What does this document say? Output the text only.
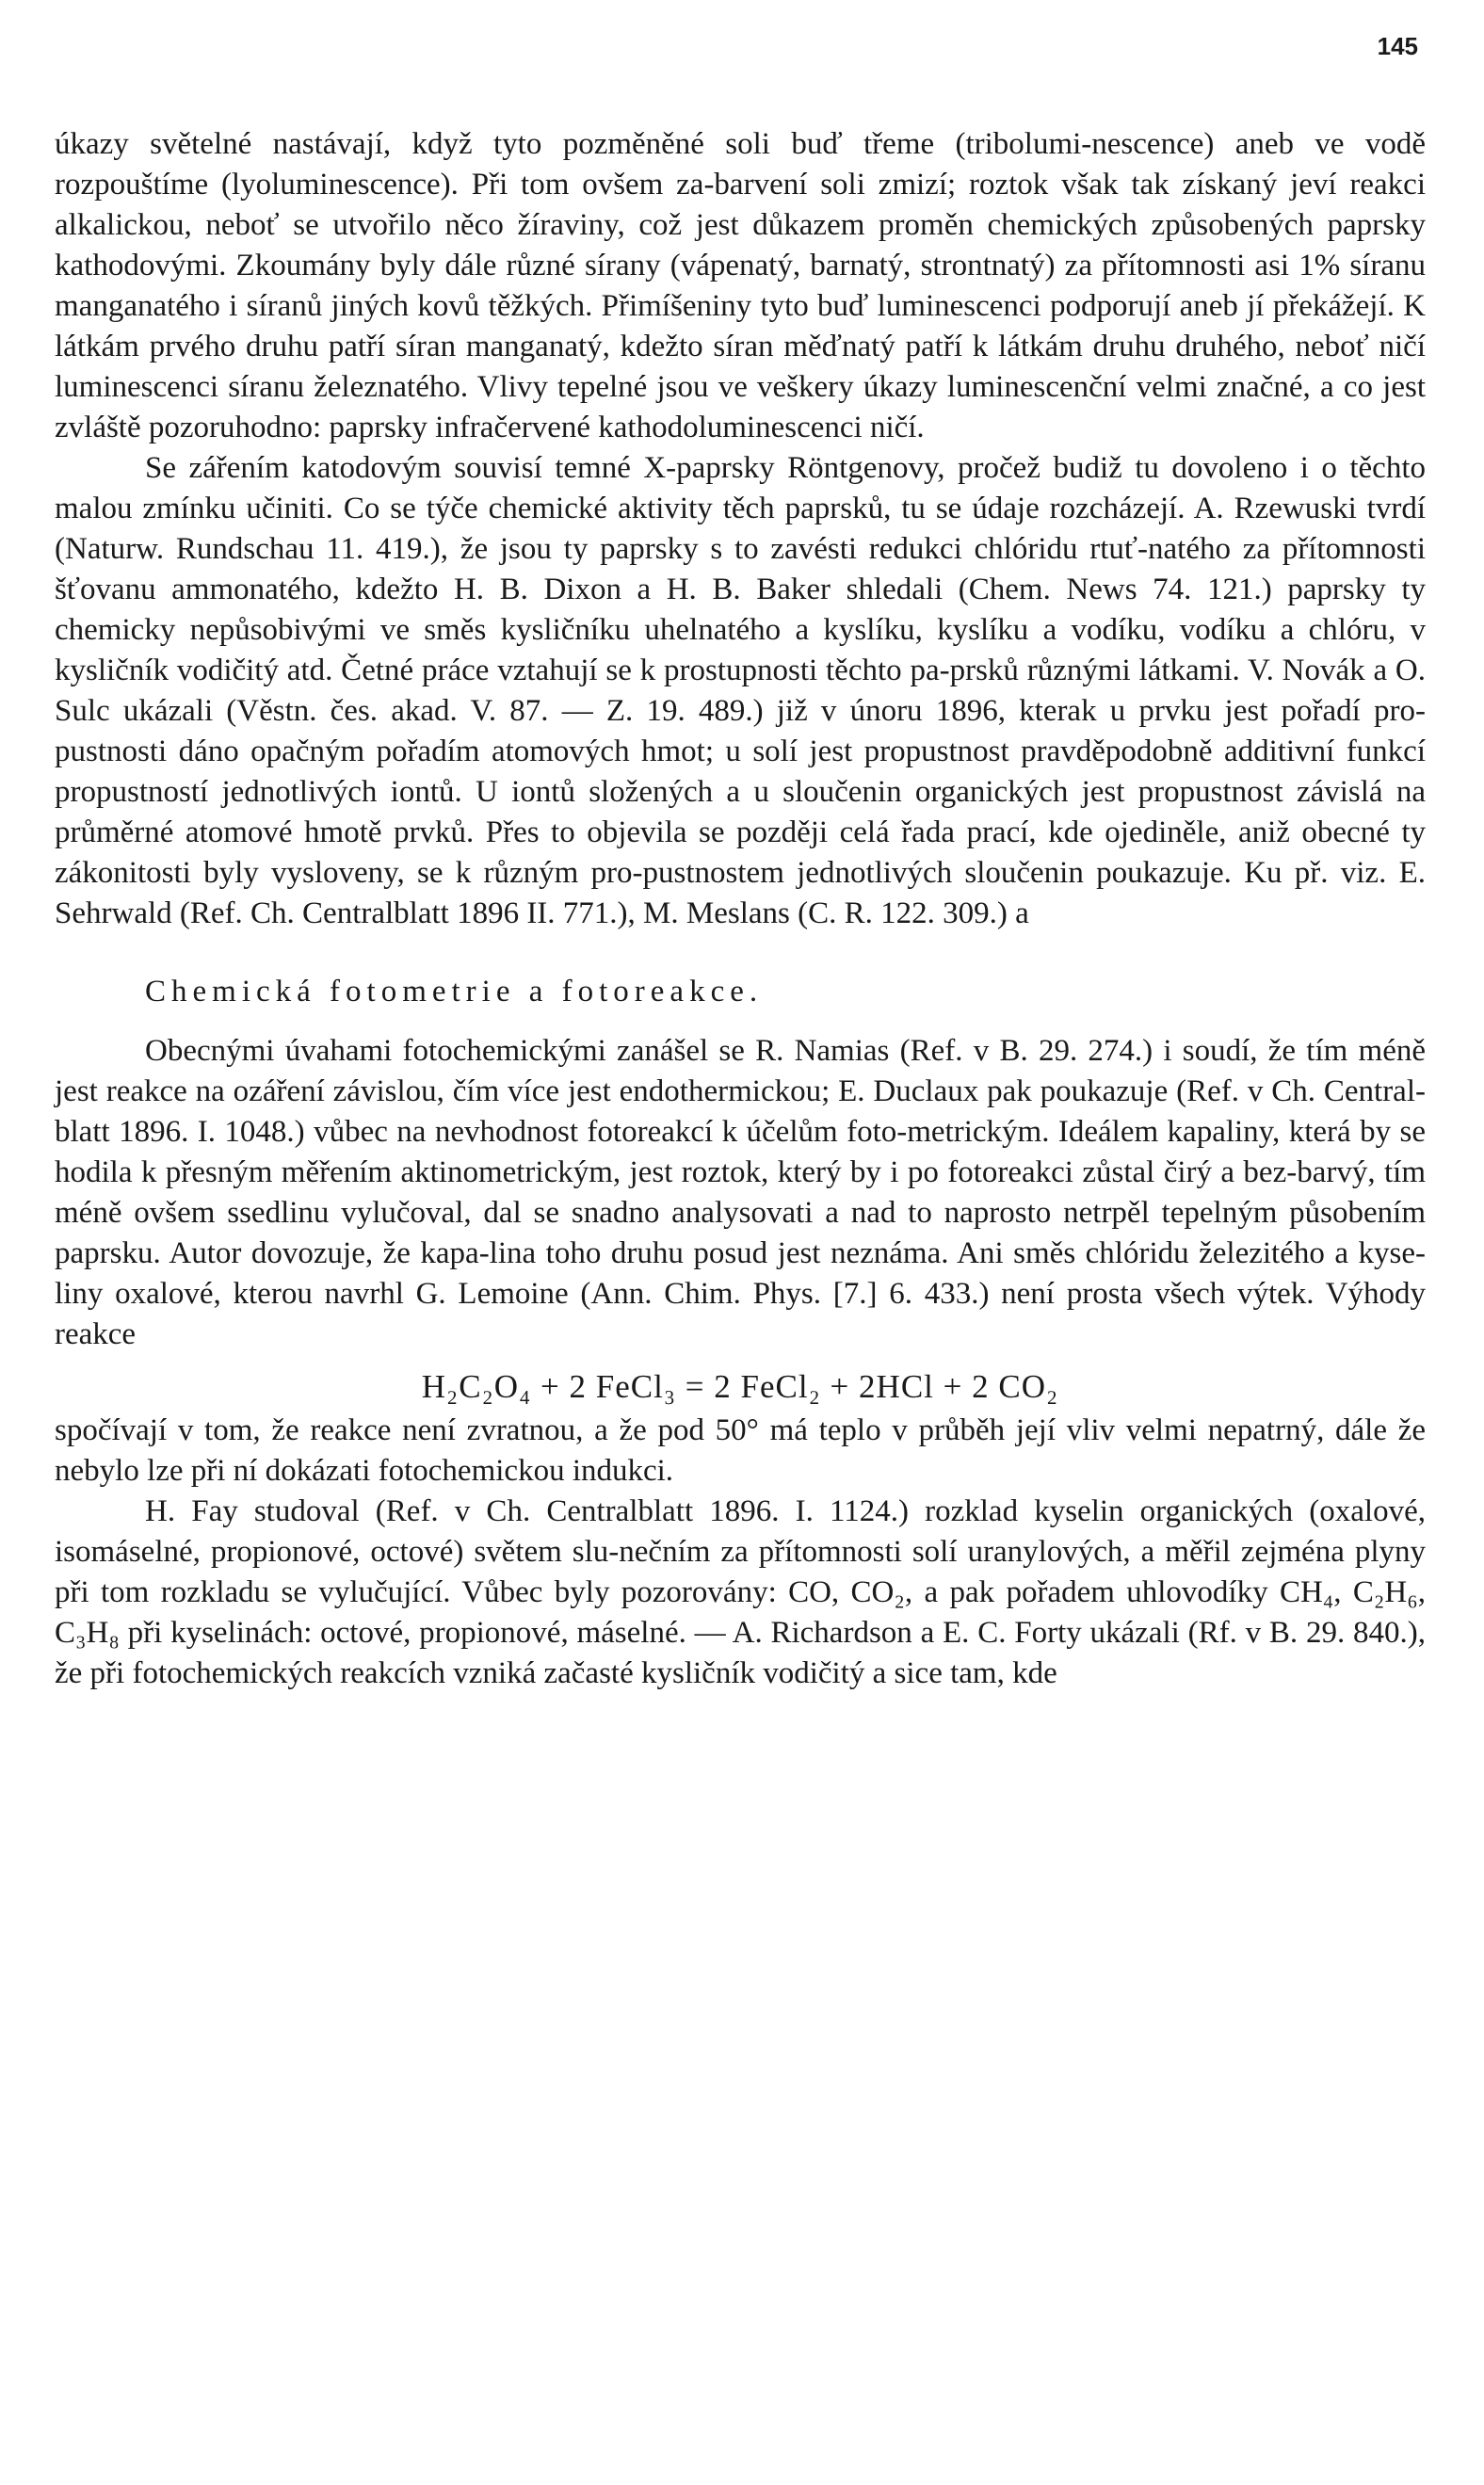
145

úkazy světelné nastávají, když tyto pozměněné soli buď třeme (tribolumi-nescence) aneb ve vodě rozpouštíme (lyoluminescence). Při tom ovšem za-barvení soli zmizí; roztok však tak získaný jeví reakci alkalickou, neboť se utvořilo něco žíraviny, což jest důkazem proměn chemických způsobených paprsky kathodovými. Zkoumány byly dále různé sírany (vápenatý, barnatý, strontnatý) za přítomnosti asi 1% síranu manganatého i síranů jiných kovů těžkých. Přimíšeniny tyto buď luminescenci podporují aneb jí překážejí. K látkám prvého druhu patří síran manganatý, kdežto síran měďnatý patří k látkám druhu druhého, neboť ničí luminescenci síranu železnatého. Vlivy tepelné jsou ve veškery úkazy luminescenční velmi značné, a co jest zvláště pozoruhodno: paprsky infračervené kathodoluminescenci ničí.

Se zářením katodovým souvisí temné X-paprsky Röntgenovy, pročež budiž tu dovoleno i o těchto malou zmínku učiniti. Co se týče chemické aktivity těch paprsků, tu se údaje rozcházejí. A. Rzewuski tvrdí (Naturw. Rundschau 11. 419.), že jsou ty paprsky s to zavésti redukci chlóridu rtuť-natého za přítomnosti šťovanu ammonatého, kdežto H. B. Dixon a H. B. Baker shledali (Chem. News 74. 121.) paprsky ty chemicky nepůsobivými ve směs kysličníku uhelnatého a kyslíku, kyslíku a vodíku, vodíku a chlóru, v kysličník vodičitý atd. Četné práce vztahují se k prostupnosti těchto pa-prsků různými látkami. V. Novák a O. Sulc ukázali (Věstn. čes. akad. V. 87. — Z. 19. 489.) již v únoru 1896, kterak u prvku jest pořadí pro-pustnosti dáno opačným pořadím atomových hmot; u solí jest propustnost pravděpodobně additivní funkcí propustností jednotlivých iontů. U iontů složených a u sloučenin organických jest propustnost závislá na průměrné atomové hmotě prvků. Přes to objevila se později celá řada prací, kde ojediněle, aniž obecné ty zákonitosti byly vysloveny, se k různým pro-pustnostem jednotlivých sloučenin poukazuje. Ku př. viz. E. Sehrwald (Ref. Ch. Centralblatt 1896 II. 771.), M. Meslans (C. R. 122. 309.) a

Chemická fotometrie a fotoreakce.

Obecnými úvahami fotochemickými zanášel se R. Namias (Ref. v B. 29. 274.) i soudí, že tím méně jest reakce na ozáření závislou, čím více jest endothermickou; E. Duclaux pak poukazuje (Ref. v Ch. Central-blatt 1896. I. 1048.) vůbec na nevhodnost fotoreakcí k účelům foto-metrickým. Ideálem kapaliny, která by se hodila k přesným měřením aktinometrickým, jest roztok, který by i po fotoreakci zůstal čirý a bez-barvý, tím méně ovšem ssedlinu vylučoval, dal se snadno analysovati a nad to naprosto netrpěl tepelným působením paprsku. Autor dovozuje, že kapa-lina toho druhu posud jest neznáma. Ani směs chlóridu železitého a kyse-liny oxalové, kterou navrhl G. Lemoine (Ann. Chim. Phys. [7.] 6. 433.) není prosta všech výtek. Výhody reakce

H₂C₂O₄ + 2 FeCl₃ = 2 FeCl₂ + 2HCl + 2 CO₂

spočívají v tom, že reakce není zvratnou, a že pod 50° má teplo v průběh její vliv velmi nepatrný, dále že nebylo lze při ní dokázati fotochemickou indukci.

H. Fay studoval (Ref. v Ch. Centralblatt 1896. I. 1124.) rozklad kyselin organických (oxalové, isomáselné, propionové, octové) světem slu-nečním za přítomnosti solí uranylových, a měřil zejména plyny při tom rozkladu se vylučující. Vůbec byly pozorovány: CO, CO₂, a pak pořadem uhlovodíky CH₄, C₂H₆, C₃H₈ při kyselinách: octové, propionové, máselné. — A. Richardson a E. C. Forty ukázali (Rf. v B. 29. 840.), že při fotochemických reakcích vzniká začasté kysličník vodičitý a sice tam, kde
